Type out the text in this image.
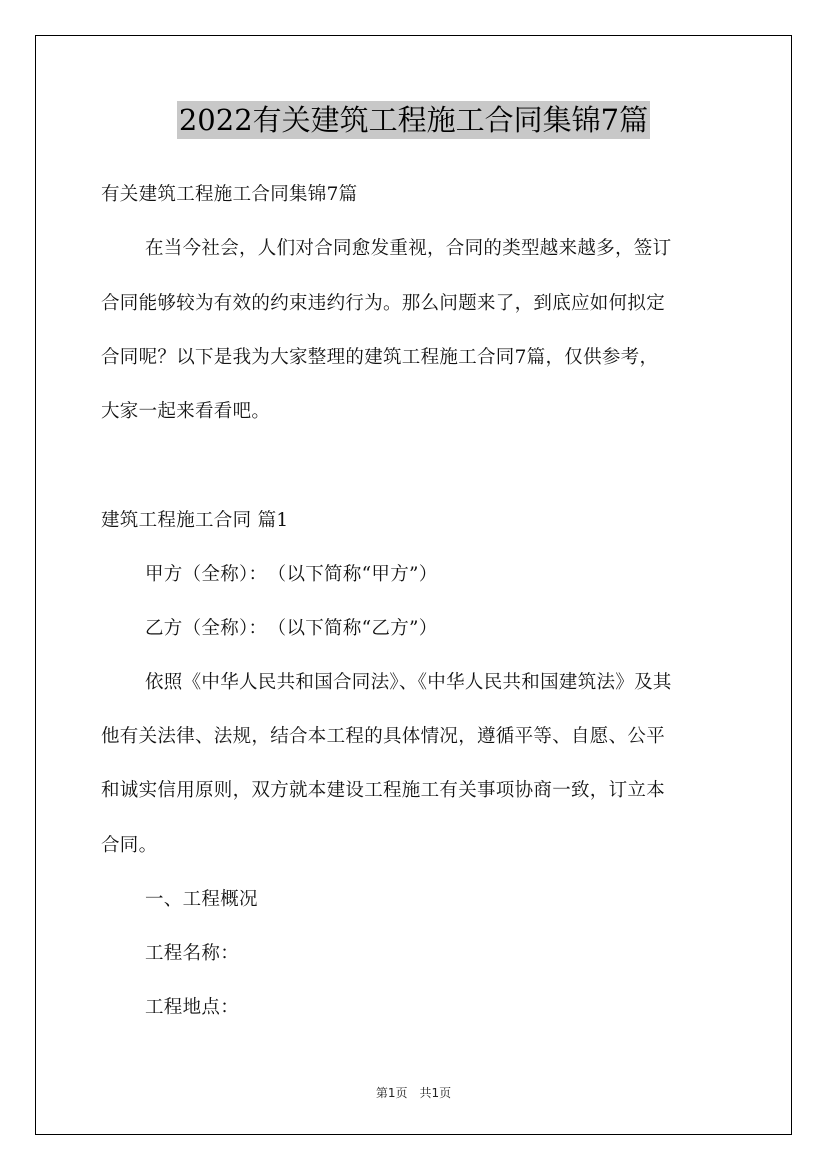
2022有关建筑工程施工合同集锦7篇
有关建筑工程施工合同集锦7篇
在当今社会，人们对合同愈发重视，合同的类型越来越多，签订
合同能够较为有效的约束违约行为。那么问题来了，到底应如何拟定
合同呢？以下是我为大家整理的建筑工程施工合同7篇，仅供参考，
大家一起来看看吧。
建筑工程施工合同 篇1
甲方（全称）：　（以下简称“甲方”）
乙方（全称）：　（以下简称“乙方”）
依照《中华人民共和国合同法》、《中华人民共和国建筑法》及其
他有关法律、法规，结合本工程的具体情况，遵循平等、自愿、公平
和诚实信用原则，双方就本建设工程施工有关事项协商一致，订立本
合同。
一、工程概况
工程名称：
工程地点：
第1页　共1页
